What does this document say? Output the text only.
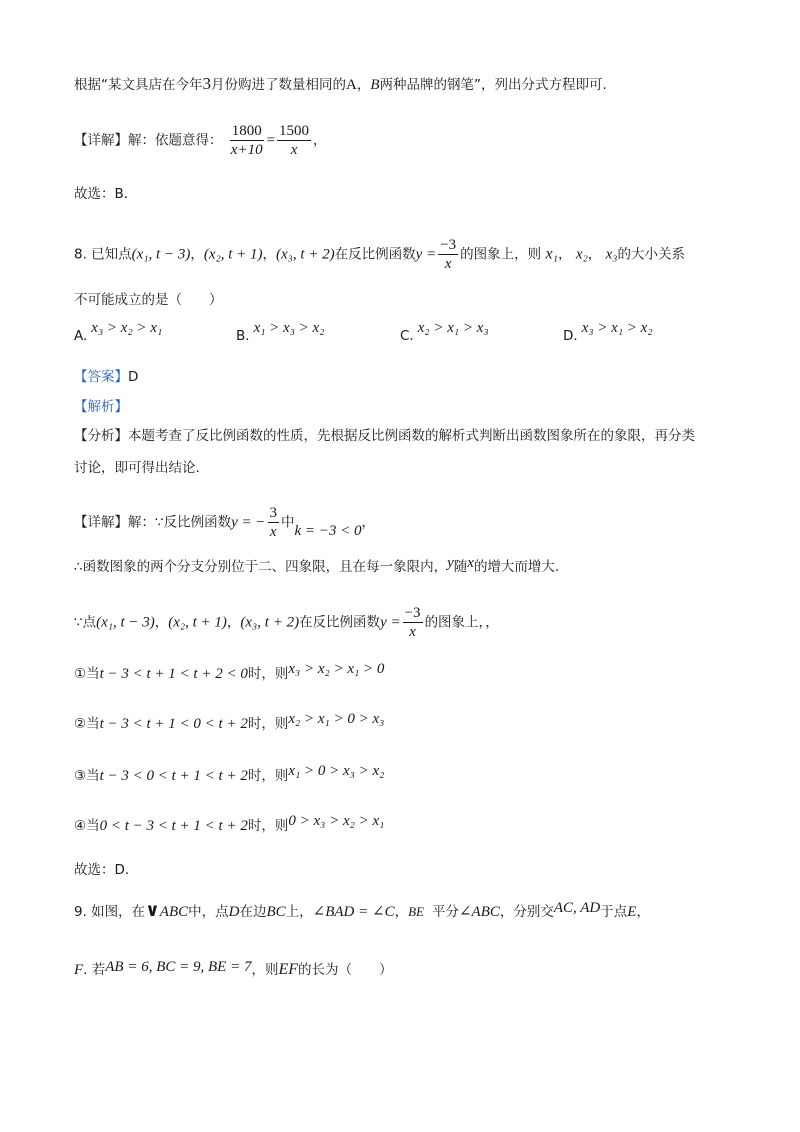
根据“某文具店在今年3月份购进了数量相同的A，B两种品牌的钢笔”，列出分式方程即可.
【详解】解：依题意得： $\frac{1800}{x+10} = \frac{1500}{x}$ ，
故选：B．
8. 已知点(x₁, t − 3)，(x₂, t + 1)，(x₃, t + 2)在反比例函数$y = \frac{-3}{x}$ 的图象上，则 x₁， x₂， x₃的大小关系
不可能成立的是（　　）
A. x₃ > x₂ > x₁	B. x₁ > x₃ > x₂	C. x₂ > x₁ > x₃	D. x₃ > x₁ > x₂
【答案】D
【解析】
【分析】本题考查了反比例函数的性质，先根据反比例函数的解析式判断出函数图象所在的象限，再分类
讨论，即可得出结论.
【详解】解：∵反比例函数y = − $\frac{3}{x}$ 中k = −3 < 0，
∴函数图象的两个分支分别位于二、四象限，且在每一象限内，y随x的增大而增大.
∵点(x₁, t − 3)，(x₂, t + 1)，(x₃, t + 2)在反比例函数$y = \frac{-3}{x}$ 的图象上，，
①当t − 3 < t + 1 < t + 2 < 0时，则x₃ > x₂ > x₁ > 0
②当t − 3 < t + 1 < 0 < t + 2时，则x₂ > x₁ > 0 > x₃
③当t − 3 < 0 < t + 1 < t + 2时，则x₁ > 0 > x₃ > x₂
④当0 < t − 3 < t + 1 < t + 2时，则0 > x₃ > x₂ > x₁
故选：D．
9. 如图，在∨ABC中，点D在边BC上，∠BAD = ∠C，BE 平分∠ABC，分别交AC, AD于点E，
F. 若AB = 6, BC = 9, BE = 7，则EF的长为（　　）
